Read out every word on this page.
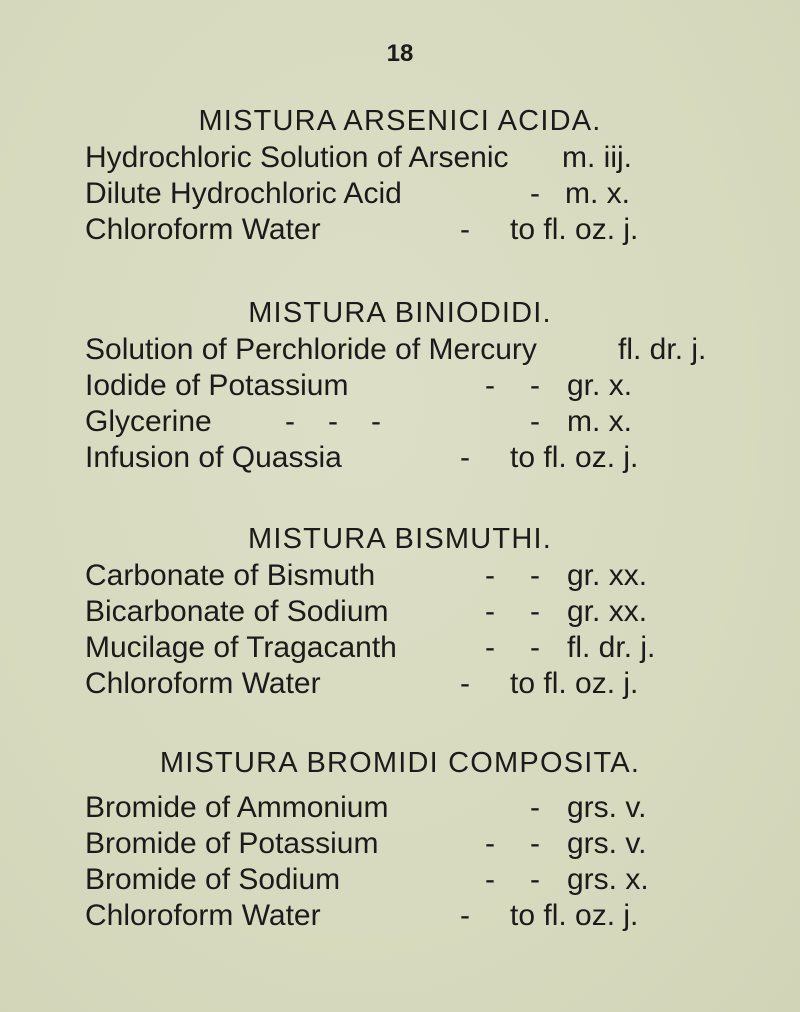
18
MISTURA ARSENICI ACIDA.
Hydrochloric Solution of Arsenic m. iij.
Dilute Hydrochloric Acid	- m. x.
Chloroform Water	- to fl. oz. j.
MISTURA BINIODIDI.
Solution of Perchloride of Mercury	fl. dr. j.
Iodide of Potassium	- - gr. x.
Glycerine -   -   -	- m. x.
Infusion of Quassia	- to fl. oz. j.
MISTURA BISMUTHI.
Carbonate of Bismuth	- - gr. xx.
Bicarbonate of Sodium	- - gr. xx.
Mucilage of Tragacanth	- - fl. dr. j.
Chloroform Water	- to fl. oz. j.
MISTURA BROMIDI COMPOSITA.
Bromide of Ammonium	- grs. v.
Bromide of Potassium	- - grs. v.
Bromide of Sodium	- - grs. x.
Chloroform Water	- to fl. oz. j.
